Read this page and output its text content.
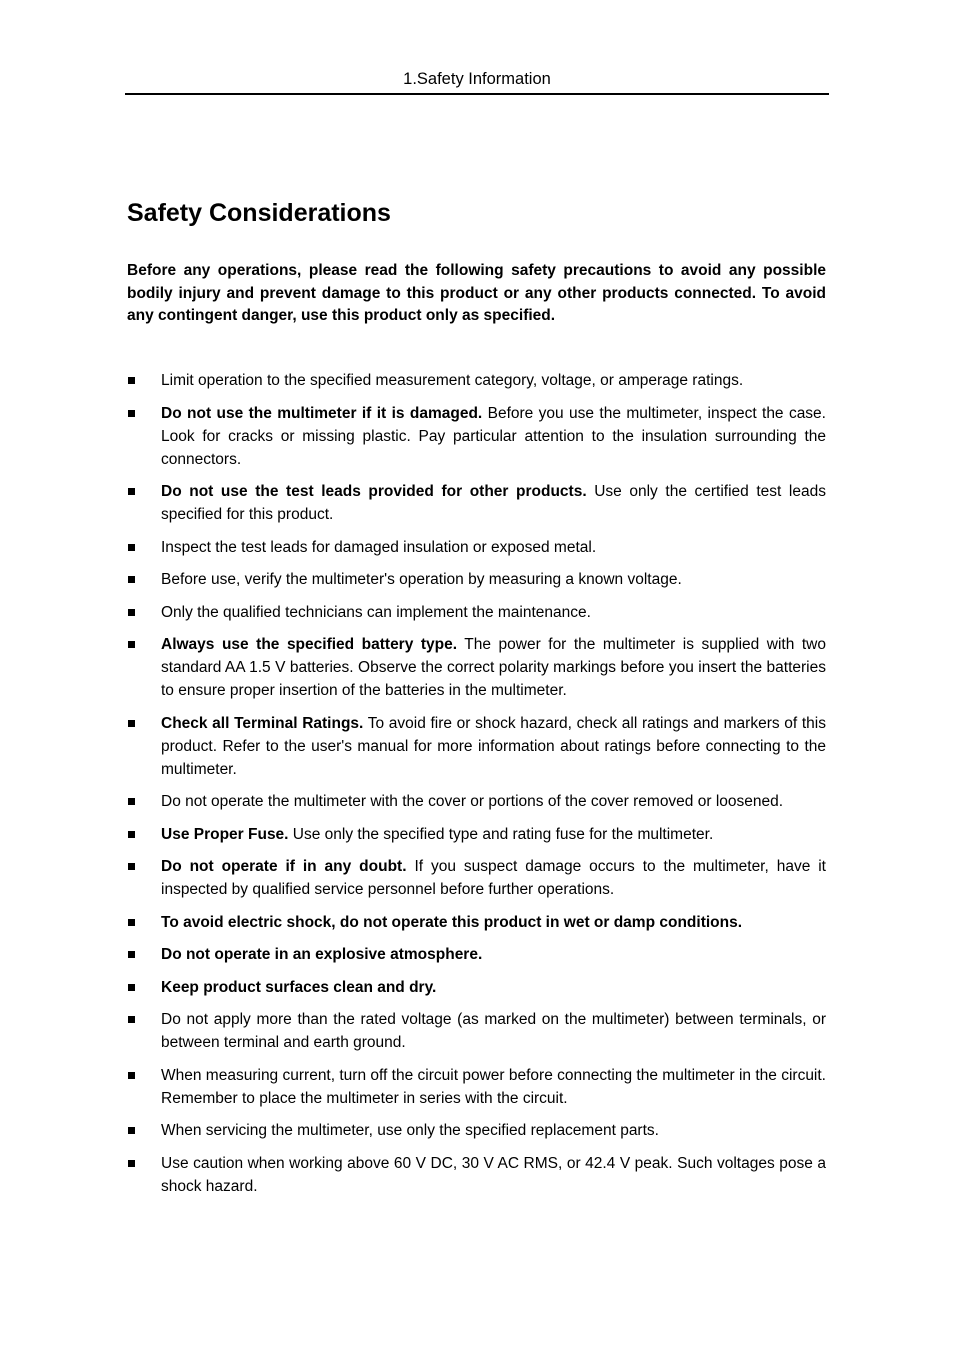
1.Safety Information
Safety Considerations

Before any operations, please read the following safety precautions to avoid any possible bodily injury and prevent damage to this product or any other products connected. To avoid any contingent danger, use this product only as specified.

Limit operation to the specified measurement category, voltage, or amperage ratings.
Do not use the multimeter if it is damaged. Before you use the multimeter, inspect the case. Look for cracks or missing plastic. Pay particular attention to the insulation surrounding the connectors.
Do not use the test leads provided for other products. Use only the certified test leads specified for this product.
Inspect the test leads for damaged insulation or exposed metal.
Before use, verify the multimeter's operation by measuring a known voltage.
Only the qualified technicians can implement the maintenance.
Always use the specified battery type. The power for the multimeter is supplied with two standard AA 1.5 V batteries. Observe the correct polarity markings before you insert the batteries to ensure proper insertion of the batteries in the multimeter.
Check all Terminal Ratings. To avoid fire or shock hazard, check all ratings and markers of this product. Refer to the user's manual for more information about ratings before connecting to the multimeter.
Do not operate the multimeter with the cover or portions of the cover removed or loosened.
Use Proper Fuse. Use only the specified type and rating fuse for the multimeter.
Do not operate if in any doubt. If you suspect damage occurs to the multimeter, have it inspected by qualified service personnel before further operations.
To avoid electric shock, do not operate this product in wet or damp conditions.
Do not operate in an explosive atmosphere.
Keep product surfaces clean and dry.
Do not apply more than the rated voltage (as marked on the multimeter) between terminals, or between terminal and earth ground.
When measuring current, turn off the circuit power before connecting the multimeter in the circuit. Remember to place the multimeter in series with the circuit.
When servicing the multimeter, use only the specified replacement parts.
Use caution when working above 60 V DC, 30 V AC RMS, or 42.4 V peak. Such voltages pose a shock hazard.
